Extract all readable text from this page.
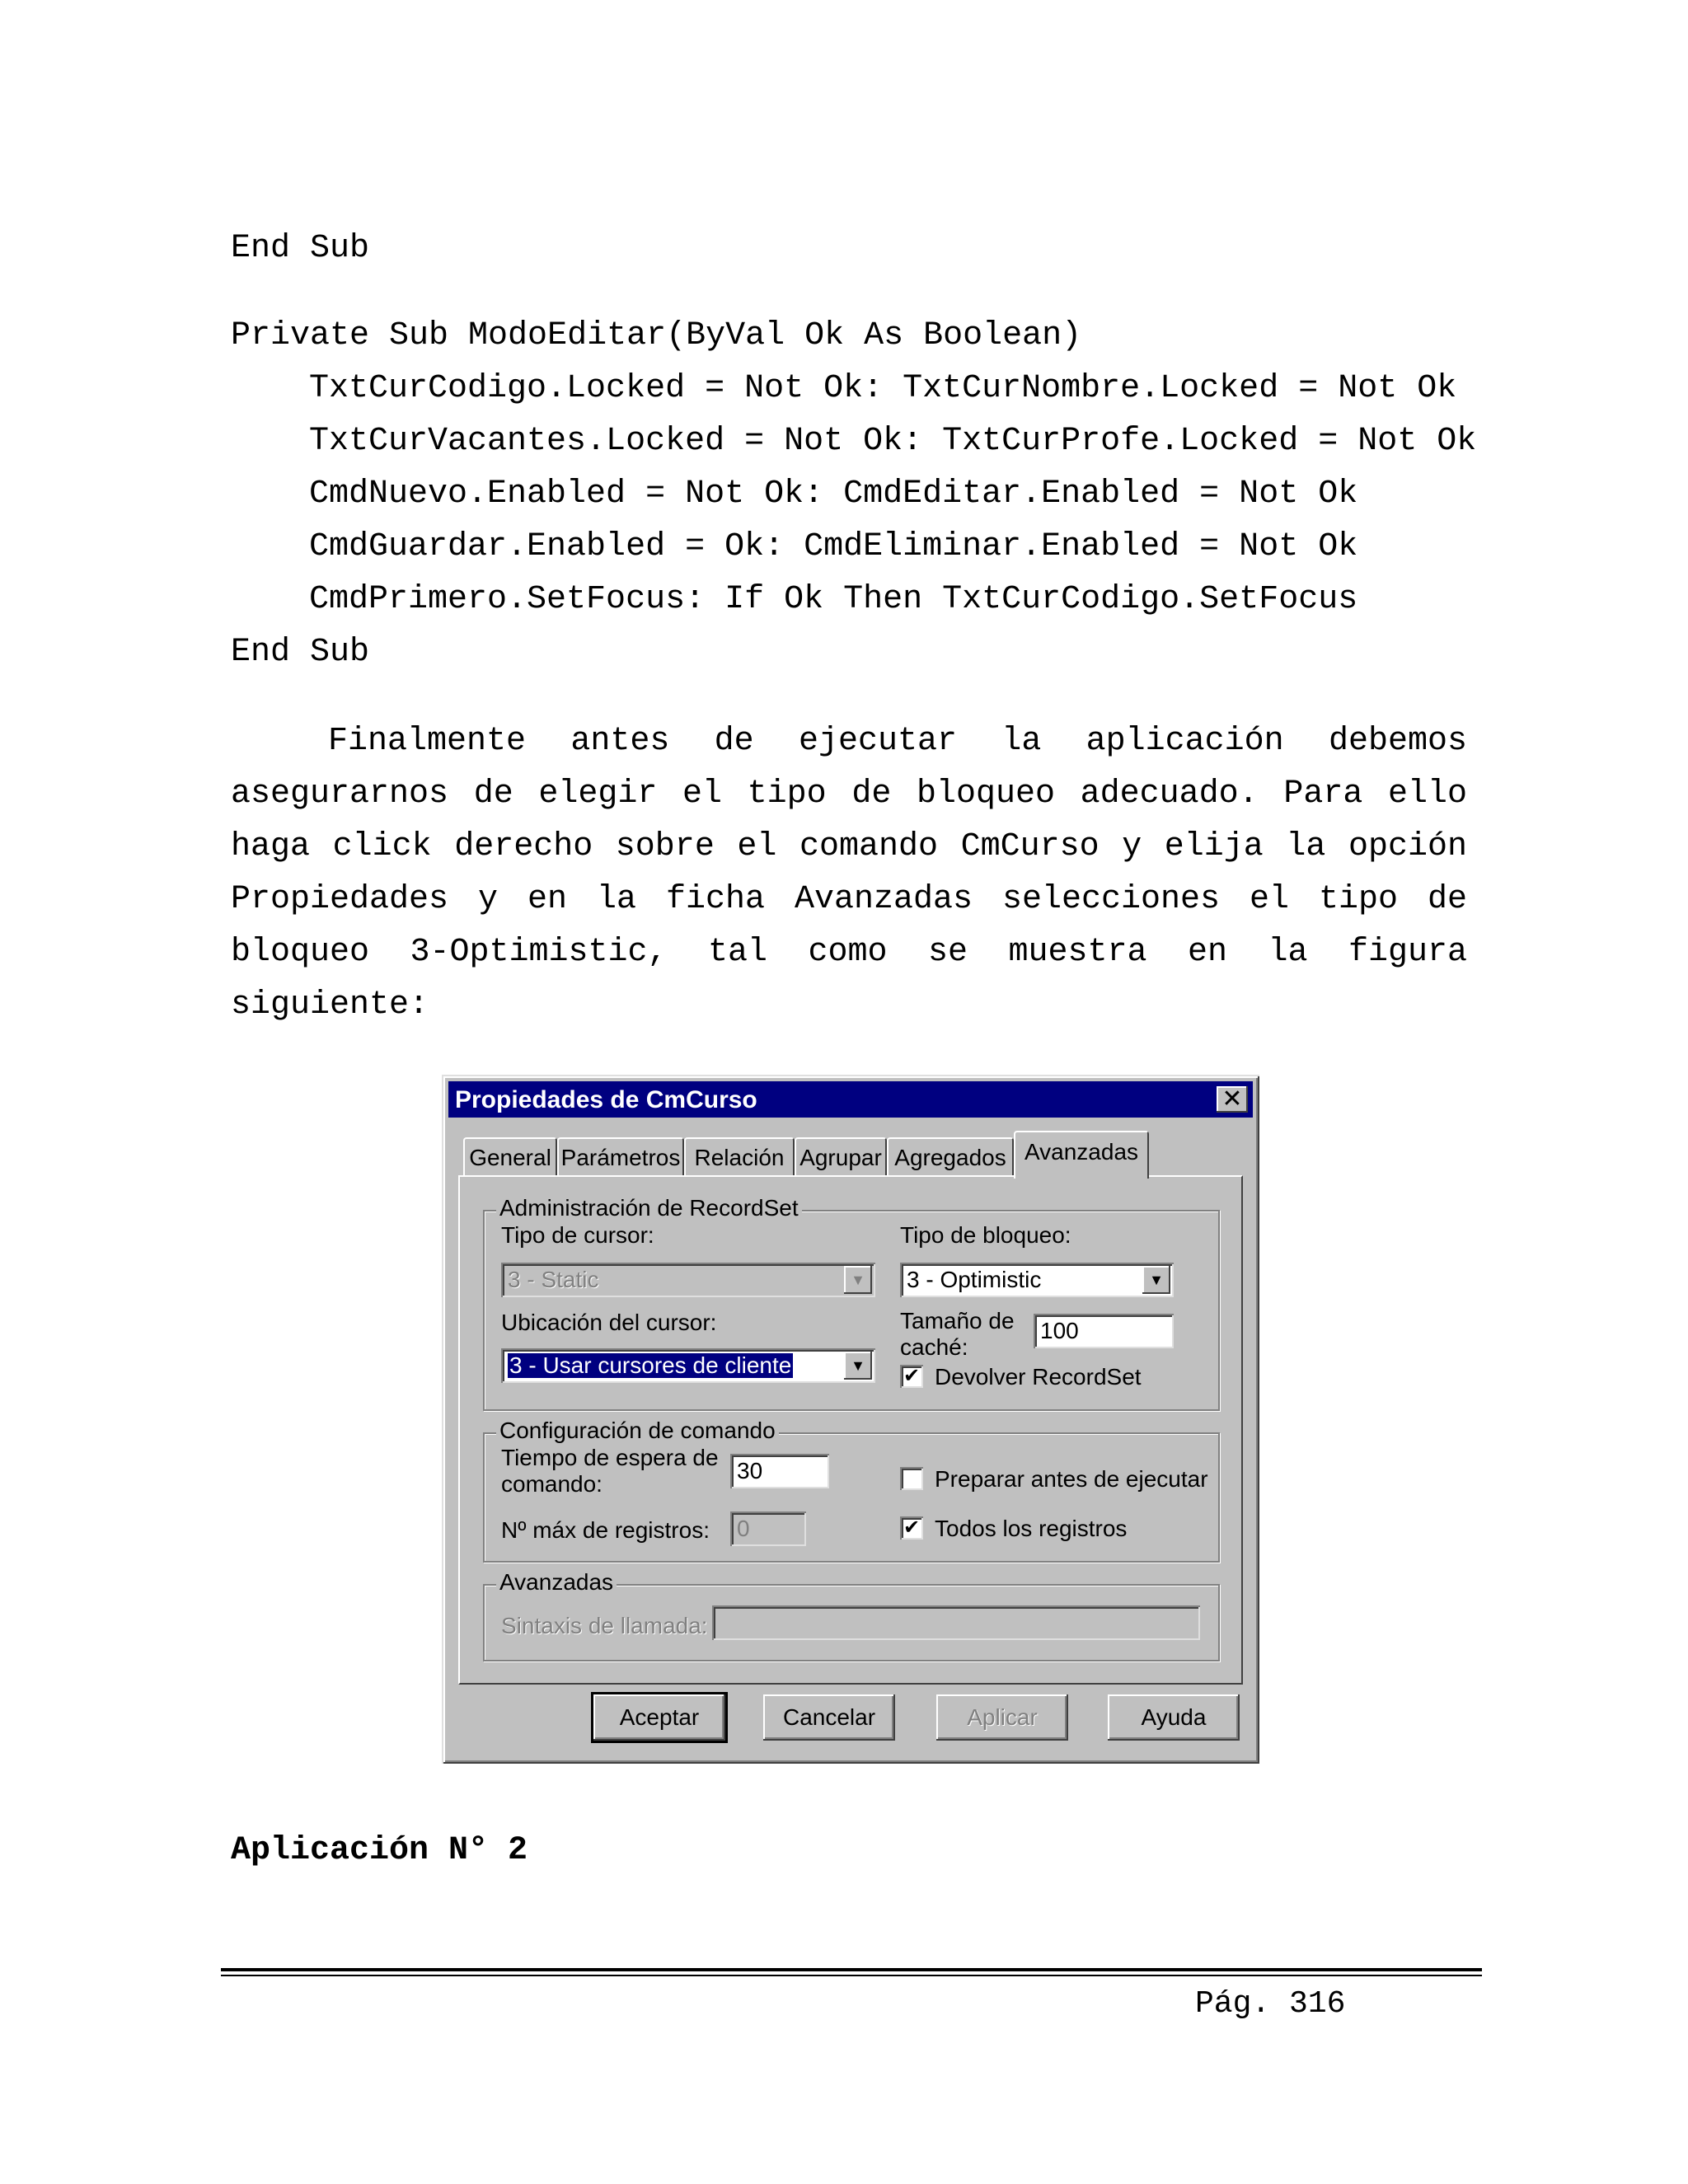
End Sub
Private Sub ModoEditar(ByVal Ok As Boolean)
TxtCurCodigo.Locked = Not Ok: TxtCurNombre.Locked = Not Ok
TxtCurVacantes.Locked = Not Ok: TxtCurProfe.Locked = Not Ok
CmdNuevo.Enabled = Not Ok: CmdEditar.Enabled = Not Ok
CmdGuardar.Enabled = Ok: CmdEliminar.Enabled = Not Ok
CmdPrimero.SetFocus: If Ok Then TxtCurCodigo.SetFocus
End Sub
Finalmente antes de ejecutar la aplicación debemos asegurarnos de elegir el tipo de bloqueo adecuado. Para ello haga click derecho sobre el comando CmCurso y elija la opción Propiedades y en la ficha Avanzadas selecciones el tipo de bloqueo 3-Optimistic, tal como se muestra en la figura siguiente:
Propiedades de CmCurso	✕
General Parámetros Relación Agrupar Agregados Avanzadas
Administración de RecordSet
Tipo de cursor:
3 - Static	▼
Tipo de bloqueo:
3 - Optimistic	▼
Ubicación del cursor:
3 - Usar cursores de cliente	▼
Tamaño de
caché:
100
✔ Devolver RecordSet
Configuración de comando
Tiempo de espera de
comando:
30
Nº máx de registros: 0
Preparar antes de ejecutar
✔ Todos los registros
Avanzadas
Sintaxis de llamada:
Aceptar	Cancelar	Aplicar	Ayuda
Aplicación N° 2
Pág. 316
